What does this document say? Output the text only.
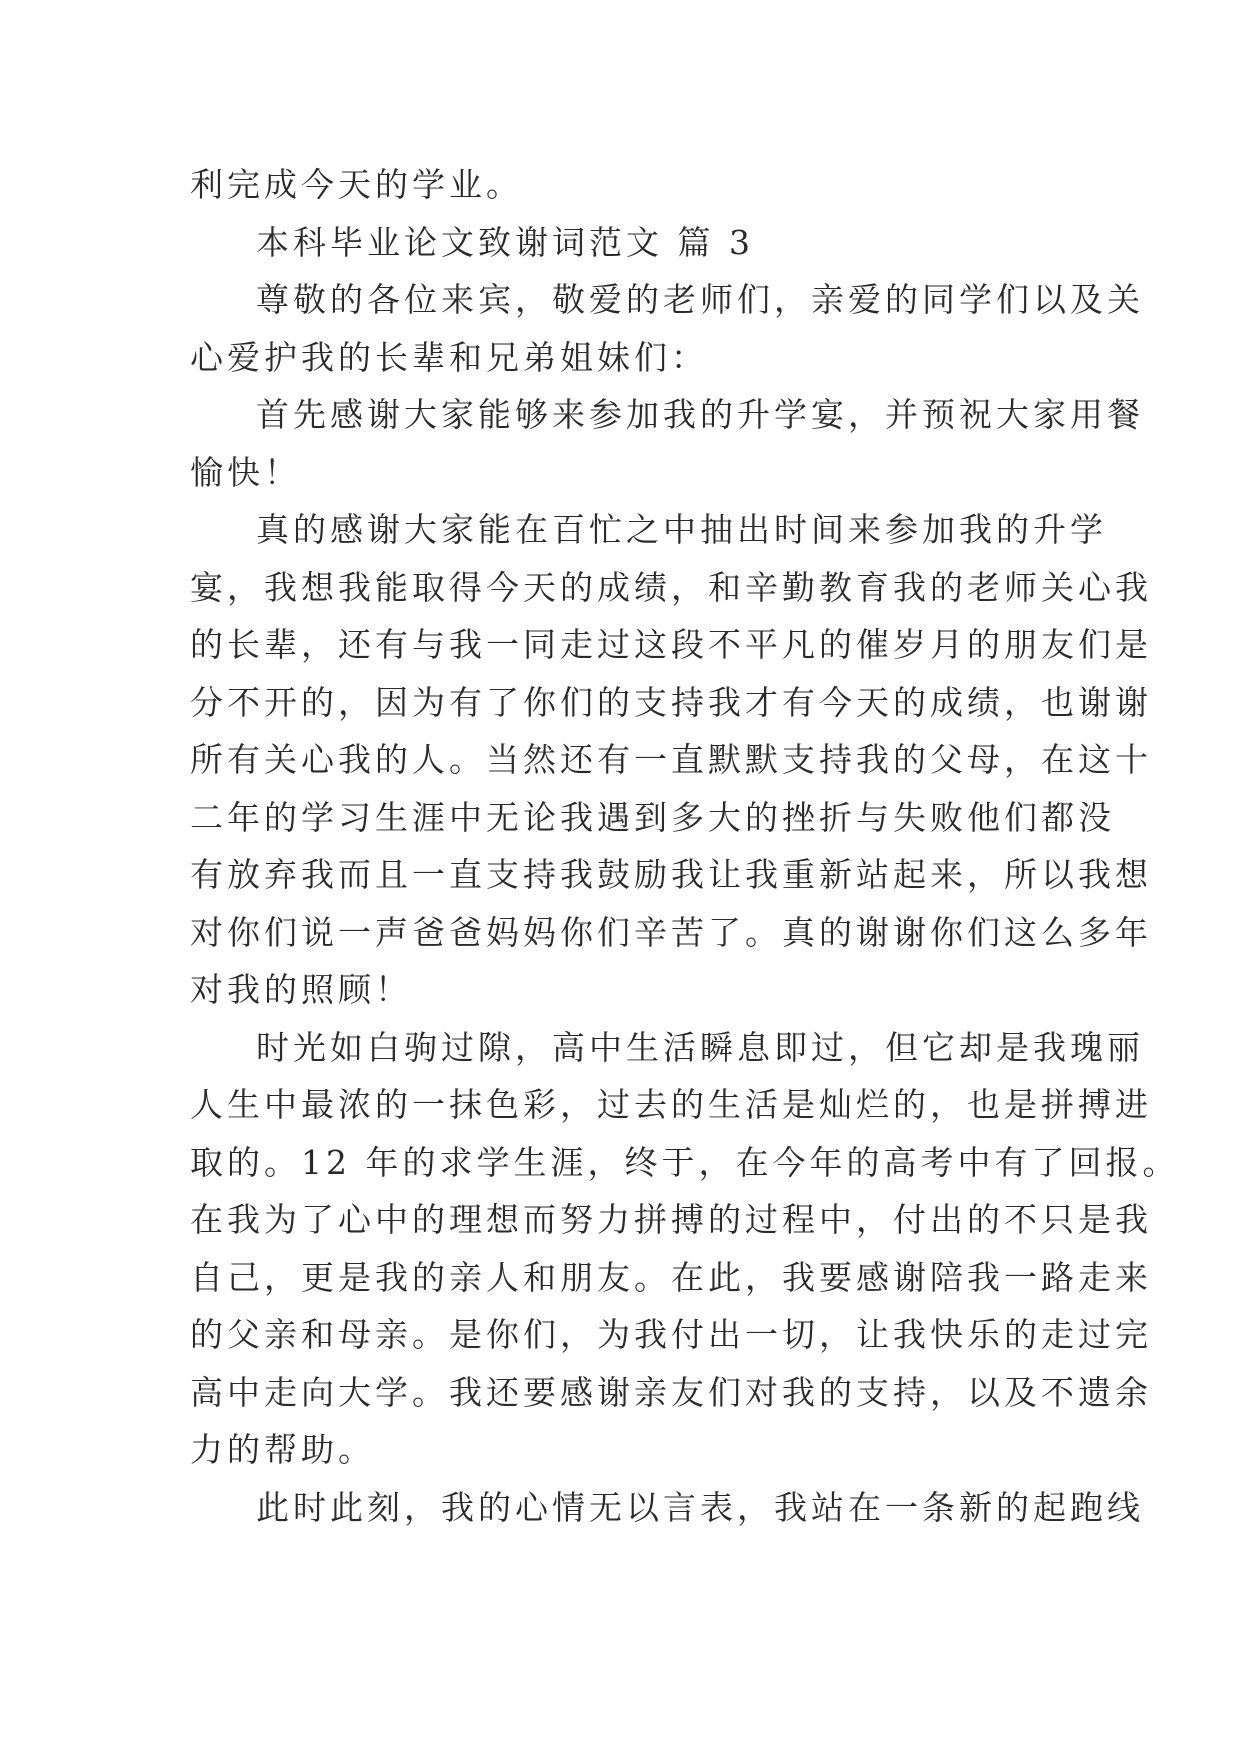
利完成今天的学业。
本科毕业论文致谢词范文 篇 3
尊敬的各位来宾，敬爱的老师们，亲爱的同学们以及关
心爱护我的长辈和兄弟姐妹们：
首先感谢大家能够来参加我的升学宴，并预祝大家用餐
愉快！
真的感谢大家能在百忙之中抽出时间来参加我的升学
宴，我想我能取得今天的成绩，和辛勤教育我的老师关心我
的长辈，还有与我一同走过这段不平凡的催岁月的朋友们是
分不开的，因为有了你们的支持我才有今天的成绩，也谢谢
所有关心我的人。当然还有一直默默支持我的父母，在这十
二年的学习生涯中无论我遇到多大的挫折与失败他们都没
有放弃我而且一直支持我鼓励我让我重新站起来，所以我想
对你们说一声爸爸妈妈你们辛苦了。真的谢谢你们这么多年
对我的照顾！
时光如白驹过隙，高中生活瞬息即过，但它却是我瑰丽
人生中最浓的一抹色彩，过去的生活是灿烂的，也是拼搏进
取的。12 年的求学生涯，终于，在今年的高考中有了回报。
在我为了心中的理想而努力拼搏的过程中，付出的不只是我
自己，更是我的亲人和朋友。在此，我要感谢陪我一路走来
的父亲和母亲。是你们，为我付出一切，让我快乐的走过完
高中走向大学。我还要感谢亲友们对我的支持，以及不遗余
力的帮助。
此时此刻，我的心情无以言表，我站在一条新的起跑线
